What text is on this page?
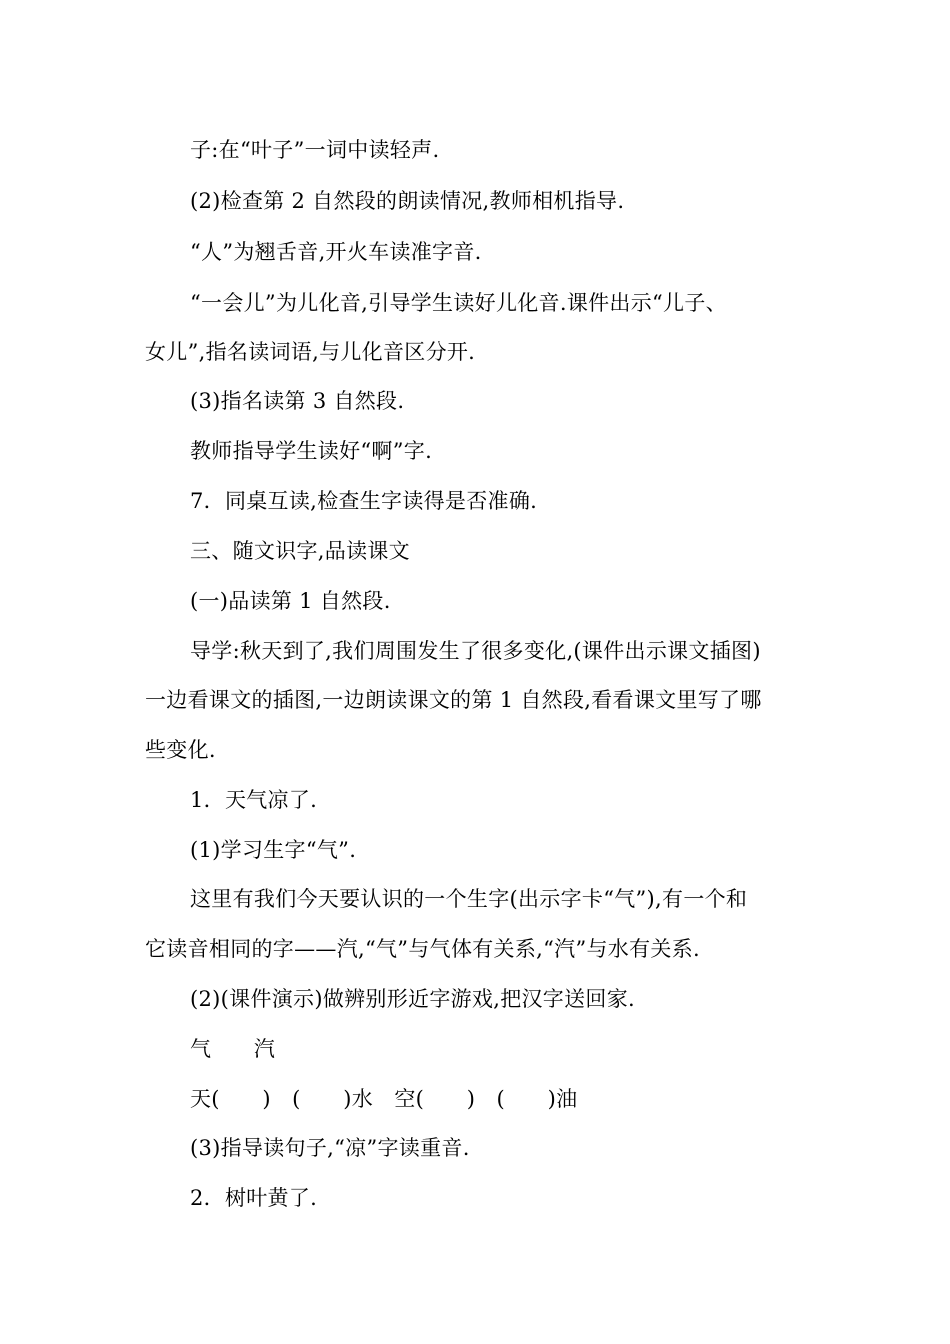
子:在“叶子”一词中读轻声.
(2)检查第 2 自然段的朗读情况,教师相机指导.
“人”为翘舌音,开火车读准字音.
“一会儿”为儿化音,引导学生读好儿化音.课件出示“儿子、
女儿”,指名读词语,与儿化音区分开.
(3)指名读第 3 自然段.
教师指导学生读好“啊”字.
7．同桌互读,检查生字读得是否准确.
三、随文识字,品读课文
(一)品读第 1 自然段.
导学:秋天到了,我们周围发生了很多变化,(课件出示课文插图)
一边看课文的插图,一边朗读课文的第 1 自然段,看看课文里写了哪
些变化.
1．天气凉了.
(1)学习生字“气”.
这里有我们今天要认识的一个生字(出示字卡“气”),有一个和
它读音相同的字——汽,“气”与气体有关系,“汽”与水有关系.
(2)(课件演示)做辨别形近字游戏,把汉字送回家.
气　　汽
天(　　)　(　　)水　空(　　)　(　　)油
(3)指导读句子,“凉”字读重音.
2．树叶黄了.
